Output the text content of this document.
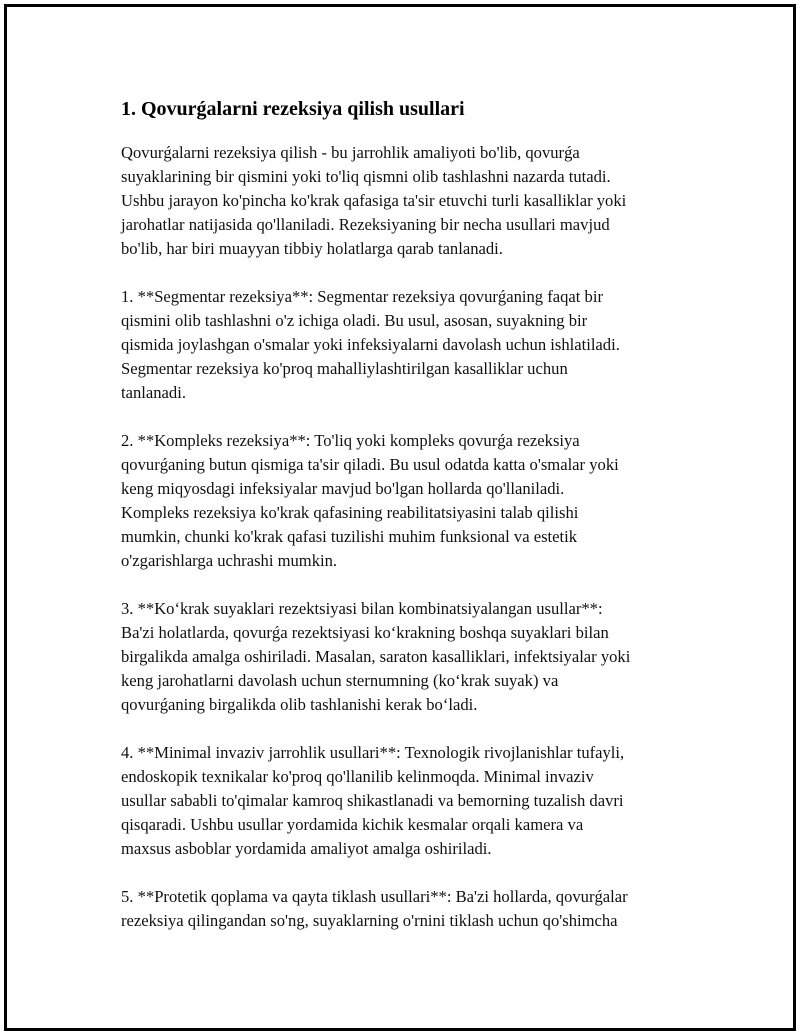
1. Qovurǵalarni rezeksiya qilish usullari

Qovurǵalarni rezeksiya qilish - bu jarrohlik amaliyoti bo'lib, qovurǵa
suyaklarining bir qismini yoki to'liq qismni olib tashlashni nazarda tutadi.
Ushbu jarayon ko'pincha ko'krak qafasiga ta'sir etuvchi turli kasalliklar yoki
jarohatlar natijasida qo'llaniladi. Rezeksiyaning bir necha usullari mavjud
bo'lib, har biri muayyan tibbiy holatlarga qarab tanlanadi.

1. **Segmentar rezeksiya**: Segmentar rezeksiya qovurǵaning faqat bir
qismini olib tashlashni o'z ichiga oladi. Bu usul, asosan, suyakning bir
qismida joylashgan o'smalar yoki infeksiyalarni davolash uchun ishlatiladi.
Segmentar rezeksiya ko'proq mahalliylashtirilgan kasalliklar uchun
tanlanadi.

2. **Kompleks rezeksiya**: To'liq yoki kompleks qovurǵa rezeksiya
qovurǵaning butun qismiga ta'sir qiladi. Bu usul odatda katta o'smalar yoki
keng miqyosdagi infeksiyalar mavjud bo'lgan hollarda qo'llaniladi.
Kompleks rezeksiya ko'krak qafasining reabilitatsiyasini talab qilishi
mumkin, chunki ko'krak qafasi tuzilishi muhim funksional va estetik
o'zgarishlarga uchrashi mumkin.

3. **Koʻkrak suyaklari rezektsiyasi bilan kombinatsiyalangan usullar**:
Ba'zi holatlarda, qovurǵa rezektsiyasi koʻkrakning boshqa suyaklari bilan
birgalikda amalga oshiriladi. Masalan, saraton kasalliklari, infektsiyalar yoki
keng jarohatlarni davolash uchun sternumning (koʻkrak suyak) va
qovurǵaning birgalikda olib tashlanishi kerak boʻladi.

4. **Minimal invaziv jarrohlik usullari**: Texnologik rivojlanishlar tufayli,
endoskopik texnikalar ko'proq qo'llanilib kelinmoqda. Minimal invaziv
usullar sababli to'qimalar kamroq shikastlanadi va bemorning tuzalish davri
qisqaradi. Ushbu usullar yordamida kichik kesmalar orqali kamera va
maxsus asboblar yordamida amaliyot amalga oshiriladi.

5. **Protetik qoplama va qayta tiklash usullari**: Ba'zi hollarda, qovurǵalar
rezeksiya qilingandan so'ng, suyaklarning o'rnini tiklash uchun qo'shimcha
